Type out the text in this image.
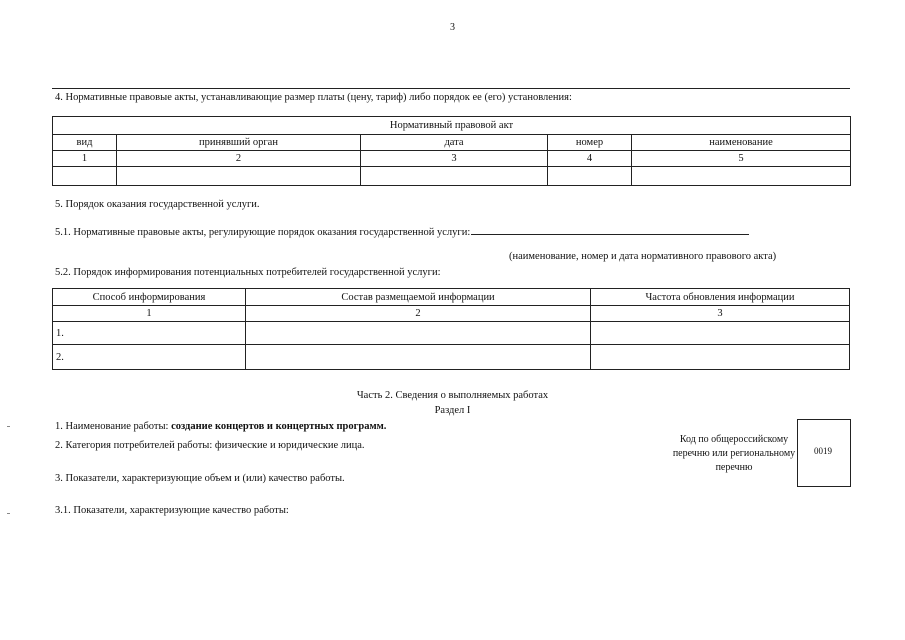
3
4. Нормативные правовые акты, устанавливающие размер платы (цену, тариф) либо порядок ее (его) установления:
Нормативный правовой акт				
вид	принявший орган	дата	номер	наименование
1	2	3	4	5

5. Порядок оказания государственной услуги.
5.1. Нормативные правовые акты, регулирующие порядок оказания государственной услуги:
(наименование, номер и дата нормативного правового акта)
5.2. Порядок информирования потенциальных потребителей государственной услуги:
Способ информирования	Состав размещаемой информации	Частота обновления информации
1	2	3
1.		
2.		
Часть 2. Сведения о выполняемых работах
Раздел I
1. Наименование работы: создание концертов и концертных программ.
2. Категория потребителей работы: физические и юридические лица.
3. Показатели, характеризующие объем и (или) качество работы.
3.1. Показатели, характеризующие качество работы:
Код по общероссийскому перечню или региональному перечню
0019
